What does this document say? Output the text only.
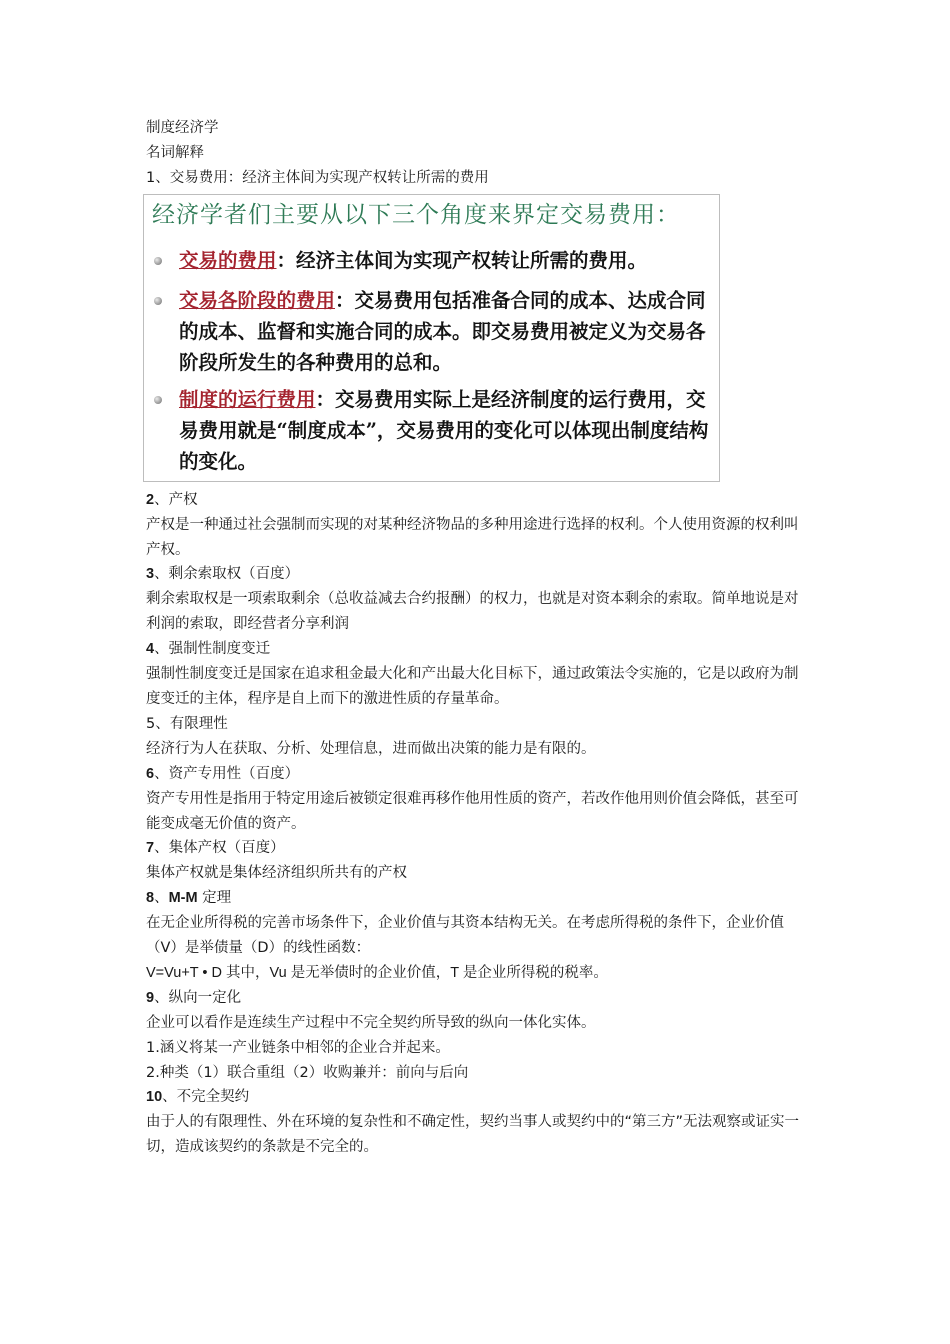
制度经济学
名词解释
1、交易费用：经济主体间为实现产权转让所需的费用
经济学者们主要从以下三个角度来界定交易费用：
交易的费用：经济主体间为实现产权转让所需的费用。
交易各阶段的费用：交易费用包括准备合同的成本、达成合同的成本、监督和实施合同的成本。即交易费用被定义为交易各阶段所发生的各种费用的总和。
制度的运行费用：交易费用实际上是经济制度的运行费用，交易费用就是“制度成本”，交易费用的变化可以体现出制度结构的变化。
2、产权
产权是一种通过社会强制而实现的对某种经济物品的多种用途进行选择的权利。个人使用资源的权利叫产权。
3、剩余索取权（百度）
剩余索取权是一项索取剩余（总收益减去合约报酬）的权力，也就是对资本剩余的索取。简单地说是对利润的索取，即经营者分享利润
4、强制性制度变迁
强制性制度变迁是国家在追求租金最大化和产出最大化目标下，通过政策法令实施的，它是以政府为制度变迁的主体，程序是自上而下的激进性质的存量革命。
5、有限理性
经济行为人在获取、分析、处理信息，进而做出决策的能力是有限的。
6、资产专用性（百度）
资产专用性是指用于特定用途后被锁定很难再移作他用性质的资产，若改作他用则价值会降低，甚至可能变成毫无价值的资产。
7、集体产权（百度）
集体产权就是集体经济组织所共有的产权
8、M-M 定理
在无企业所得税的完善市场条件下，企业价值与其资本结构无关。在考虑所得税的条件下，企业价值（V）是举债量（D）的线性函数：
V=Vu+T • D 其中，Vu 是无举债时的企业价值，T 是企业所得税的税率。
9、纵向一定化
企业可以看作是连续生产过程中不完全契约所导致的纵向一体化实体。
1.涵义将某一产业链条中相邻的企业合并起来。
2.种类（1）联合重组（2）收购兼并：前向与后向
10、不完全契约
由于人的有限理性、外在环境的复杂性和不确定性，契约当事人或契约中的“第三方”无法观察或证实一切，造成该契约的条款是不完全的。
